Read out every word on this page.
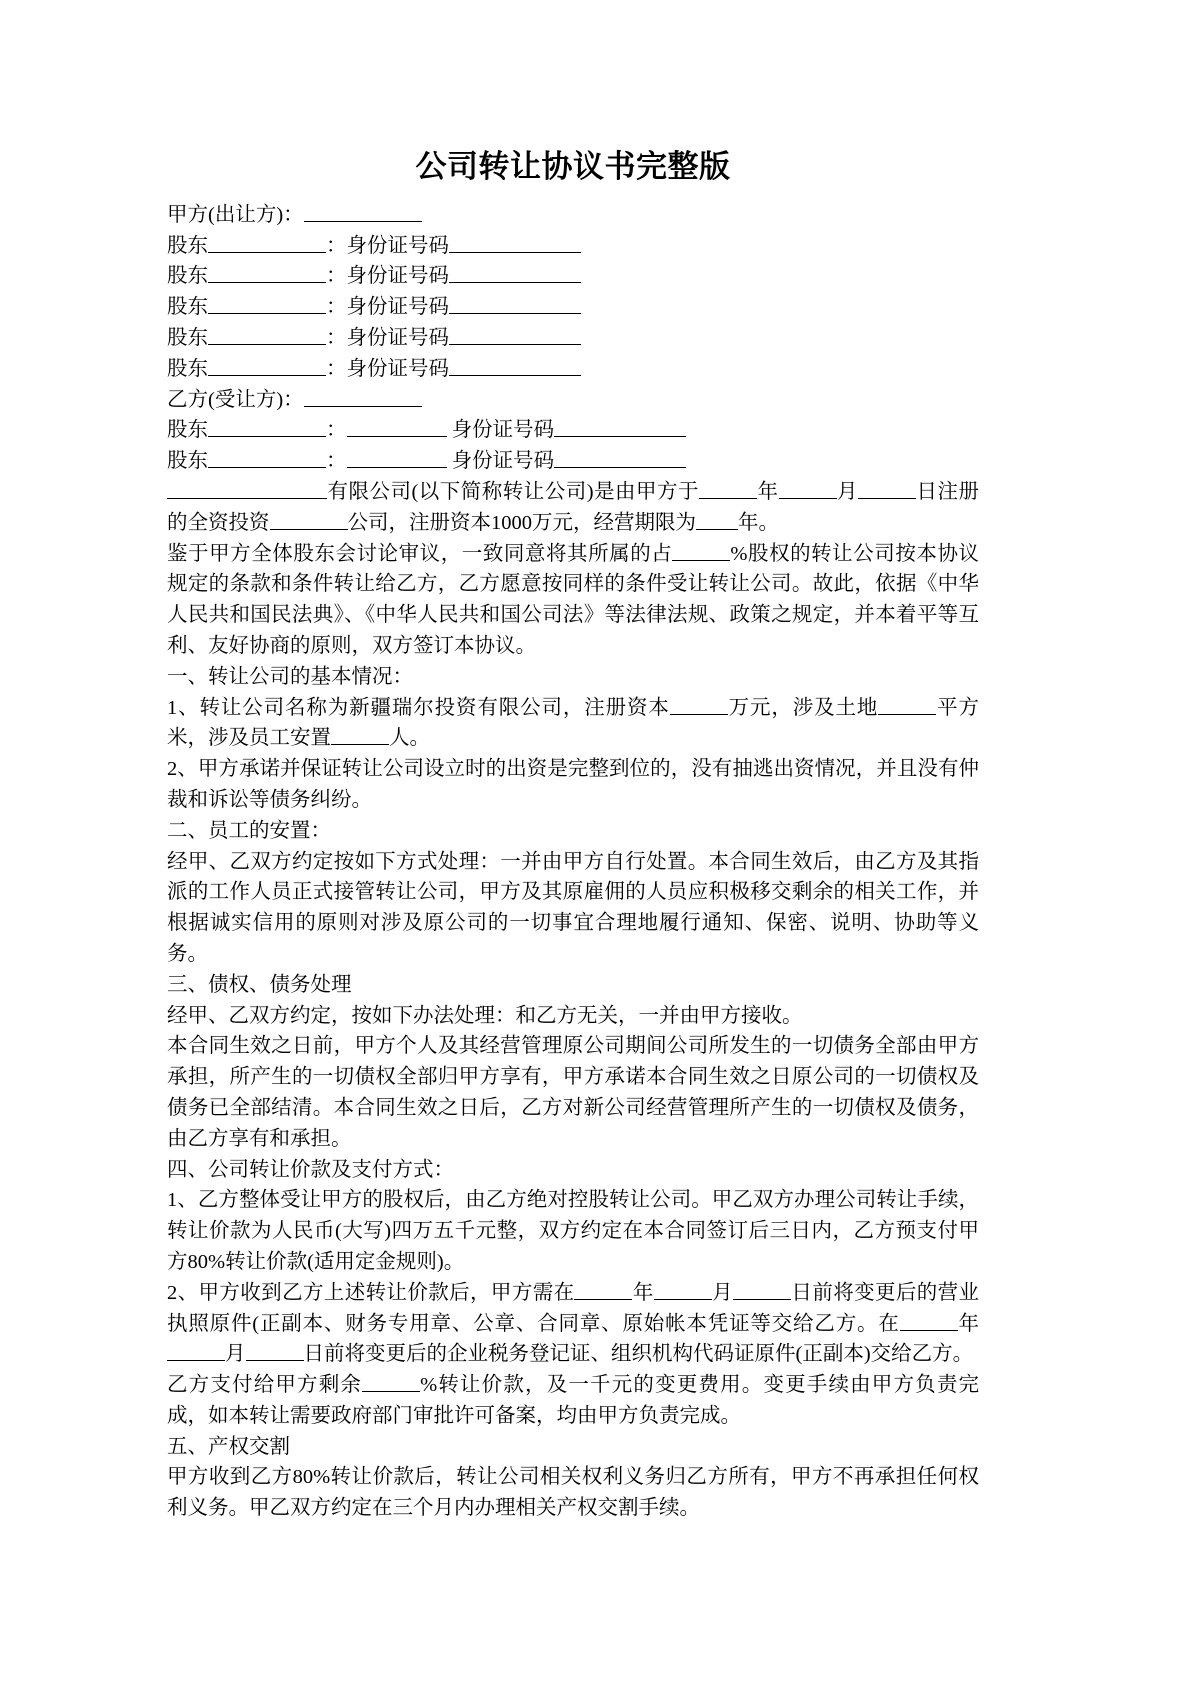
公司转让协议书完整版
甲方(出让方)：
股东	：身份证号码
股东	：身份证号码
股东	：身份证号码
股东	：身份证号码
股东	：身份证号码
乙方(受让方)：
股东	：	身份证号码
股东	：	身份证号码
有限公司(以下简称转让公司)是由甲方于	年	月	日注册的全资投资	公司，注册资本1000万元，经营期限为 年。
鉴于甲方全体股东会讨论审议，一致同意将其所属的占	%股权的转让公司按本协议规定的条款和条件转让给乙方，乙方愿意按同样的条件受让转让公司。故此，依据《中华人民共和国民法典》、《中华人民共和国公司法》等法律法规、政策之规定，并本着平等互利、友好协商的原则，双方签订本协议。
一、转让公司的基本情况：
1、转让公司名称为新疆瑞尔投资有限公司，注册资本	万元，涉及土地	平方米，涉及员工安置	人。
2、甲方承诺并保证转让公司设立时的出资是完整到位的，没有抽逃出资情况，并且没有仲裁和诉讼等债务纠纷。
二、员工的安置：
经甲、乙双方约定按如下方式处理：一并由甲方自行处置。本合同生效后，由乙方及其指派的工作人员正式接管转让公司，甲方及其原雇佣的人员应积极移交剩余的相关工作，并根据诚实信用的原则对涉及原公司的一切事宜合理地履行通知、保密、说明、协助等义务。
三、债权、债务处理
经甲、乙双方约定，按如下办法处理：和乙方无关，一并由甲方接收。
本合同生效之日前，甲方个人及其经营管理原公司期间公司所发生的一切债务全部由甲方承担，所产生的一切债权全部归甲方享有，甲方承诺本合同生效之日原公司的一切债权及债务已全部结清。本合同生效之日后，乙方对新公司经营管理所产生的一切债权及债务，由乙方享有和承担。
四、公司转让价款及支付方式：
1、乙方整体受让甲方的股权后，由乙方绝对控股转让公司。甲乙双方办理公司转让手续，转让价款为人民币(大写)四万五千元整，双方约定在本合同签订后三日内，乙方预支付甲方80%转让价款(适用定金规则)。
2、甲方收到乙方上述转让价款后，甲方需在	年	月	日前将变更后的营业执照原件(正副本、财务专用章、公章、合同章、原始帐本凭证等交给乙方。在	年月	日前将变更后的企业税务登记证、组织机构代码证原件(正副本)交给乙方。
乙方支付给甲方剩余	%转让价款，及一千元的变更费用。变更手续由甲方负责完成，如本转让需要政府部门审批许可备案，均由甲方负责完成。
五、产权交割
甲方收到乙方80%转让价款后，转让公司相关权利义务归乙方所有，甲方不再承担任何权利义务。甲乙双方约定在三个月内办理相关产权交割手续。
